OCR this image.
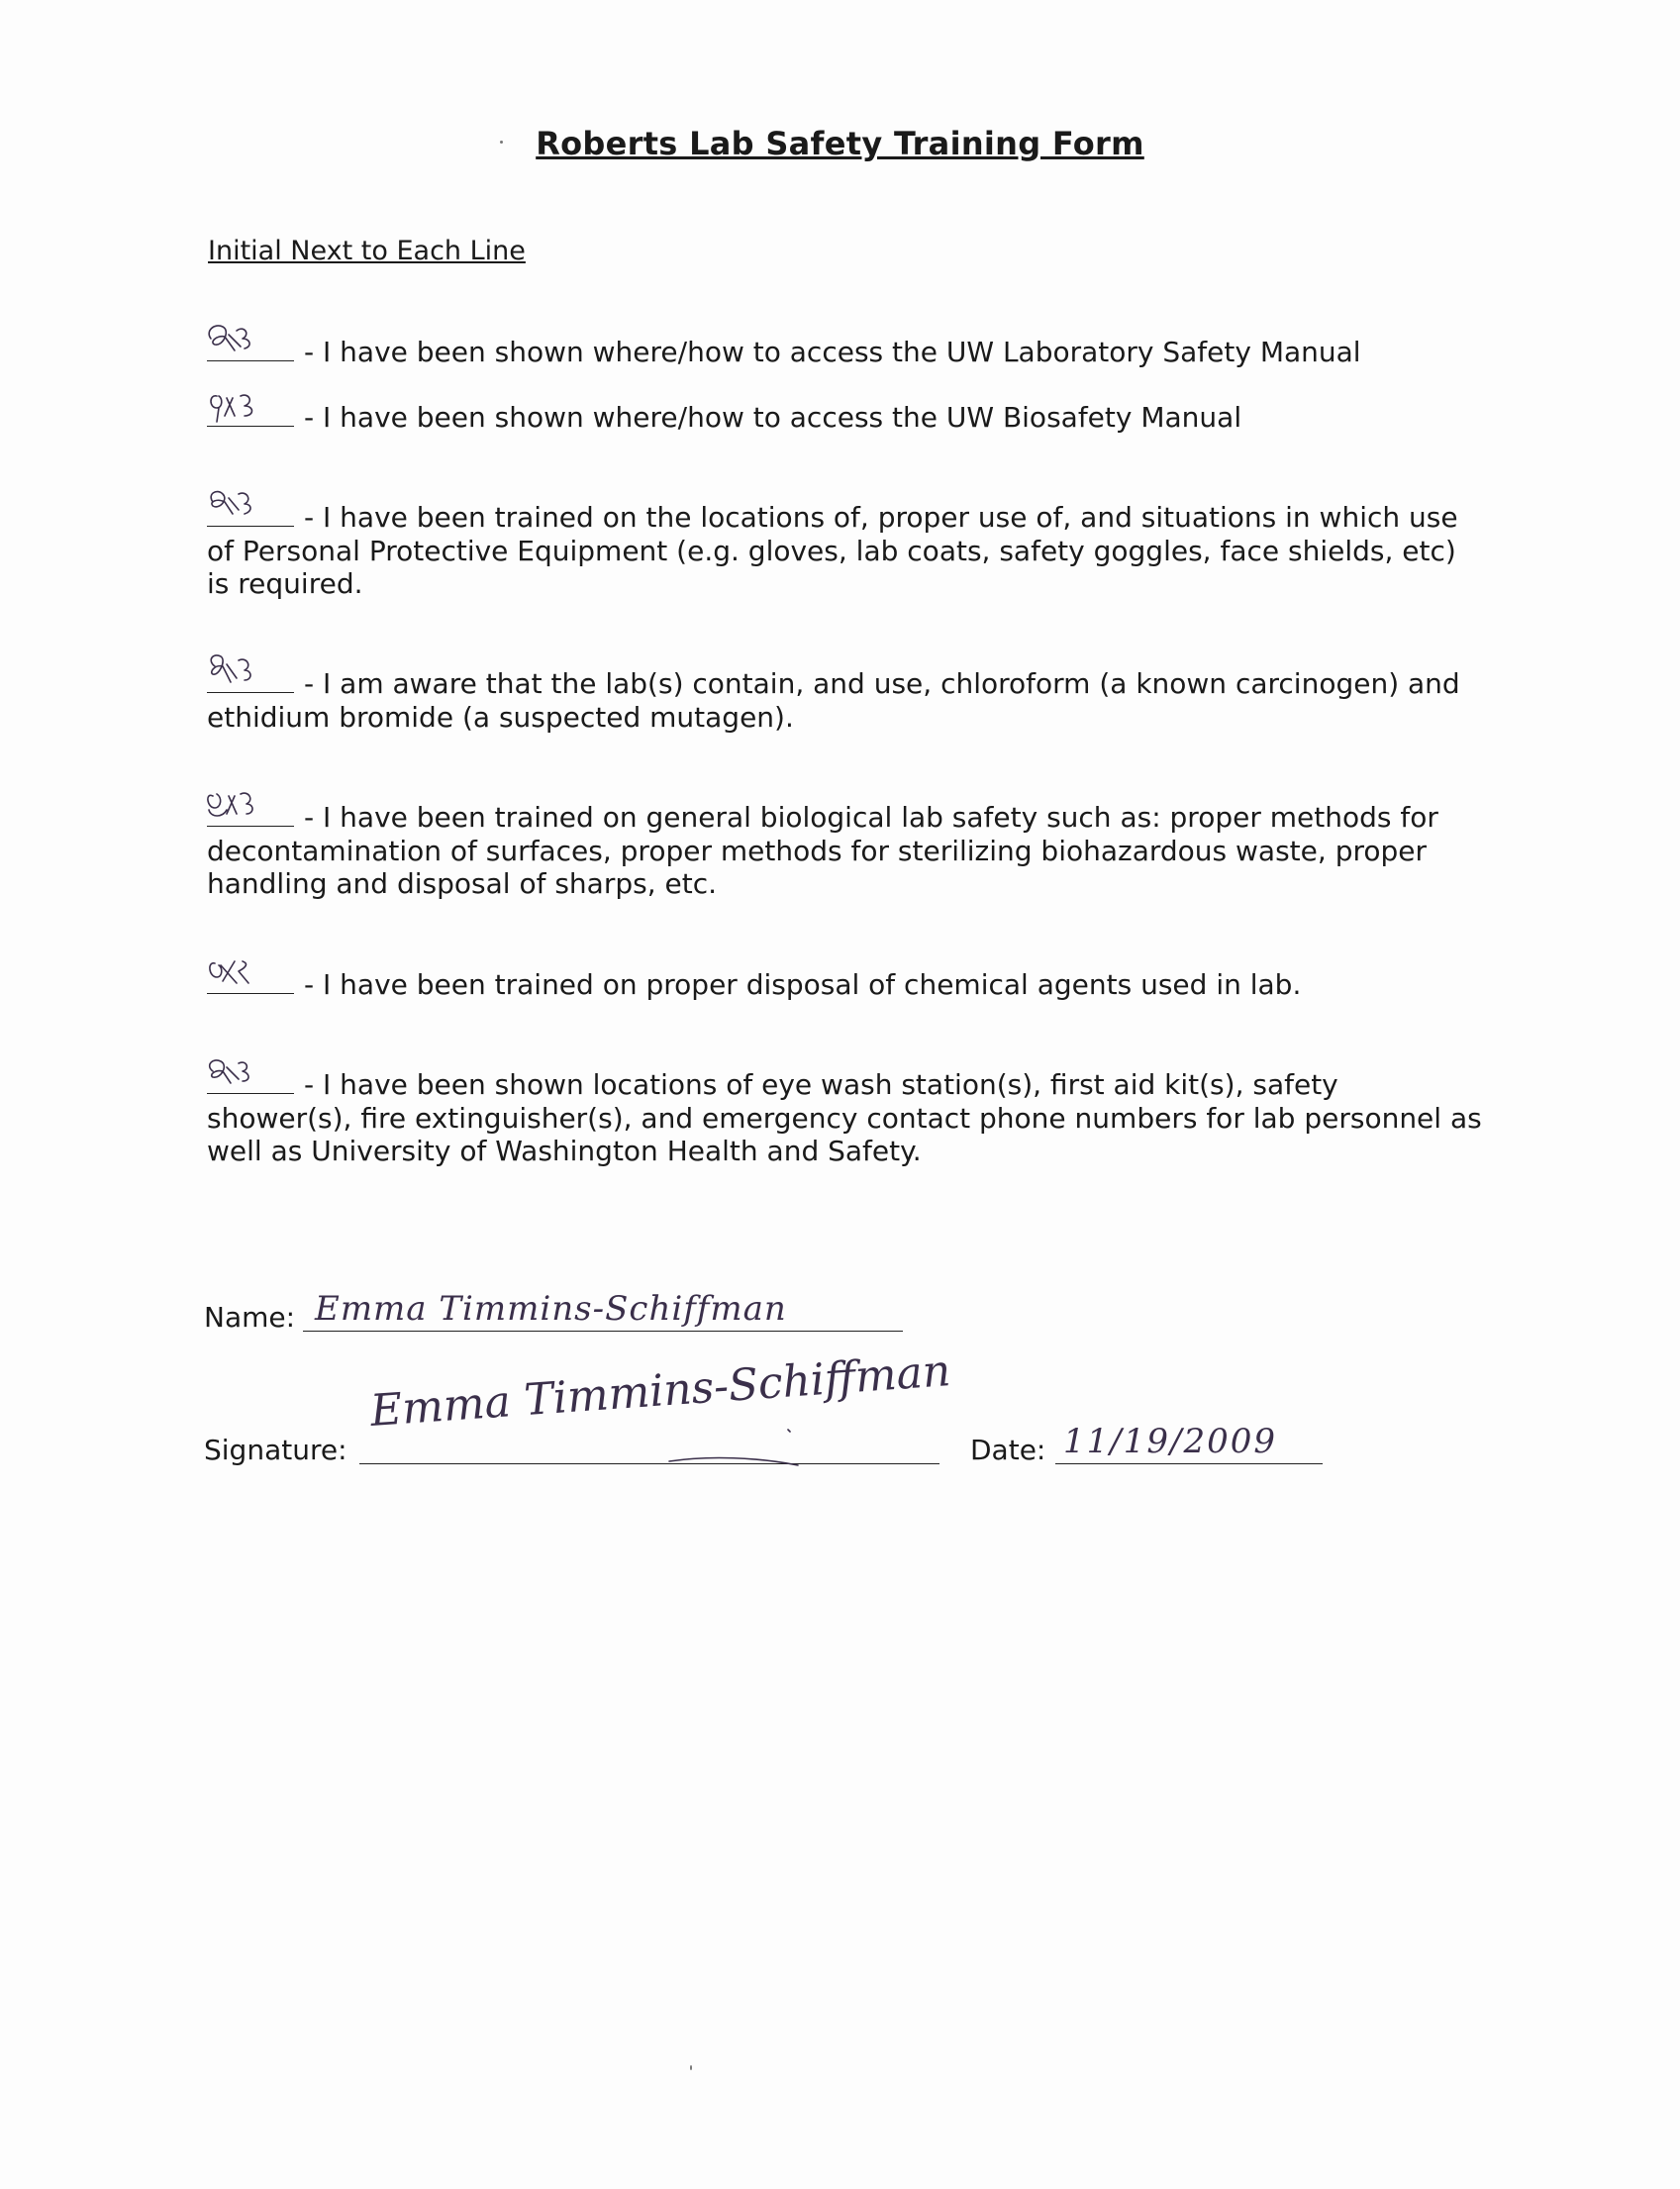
Roberts Lab Safety Training Form
Initial Next to Each Line
- I have been shown where/how to access the UW Laboratory Safety Manual
- I have been shown where/how to access the UW Biosafety Manual
- I have been trained on the locations of, proper use of, and situations in which use of Personal Protective Equipment (e.g. gloves, lab coats, safety goggles, face shields, etc) is required.
- I am aware that the lab(s) contain, and use, chloroform (a known carcinogen) and ethidium bromide (a suspected mutagen).
- I have been trained on general biological lab safety such as: proper methods for decontamination of surfaces, proper methods for sterilizing biohazardous waste, proper handling and disposal of sharps, etc.
- I have been trained on proper disposal of chemical agents used in lab.
- I have been shown locations of eye wash station(s), first aid kit(s), safety shower(s), fire extinguisher(s), and emergency contact phone numbers for lab personnel as well as University of Washington Health and Safety.
Name: Emma Timmins-Schiffman
Signature:
Emma Timmins-Schiffman
Date: 11/19/2009
